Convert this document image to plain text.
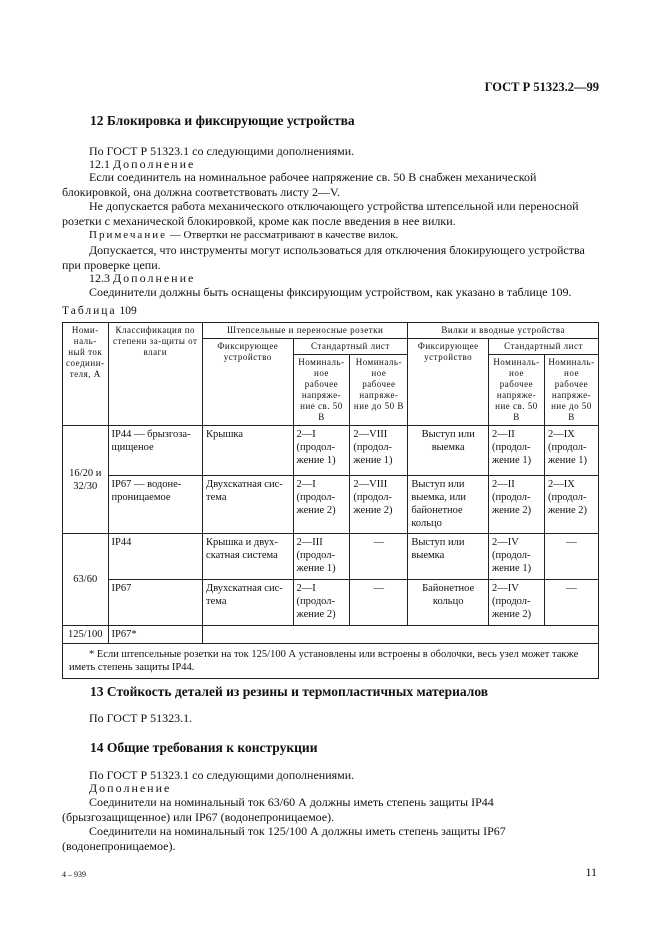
ГОСТ Р 51323.2—99
12 Блокировка и фиксирующие устройства
По ГОСТ Р 51323.1 со следующими дополнениями.
12.1 Дополнение
Если соединитель на номинальное рабочее напряжение св. 50 В снабжен механической блокировкой, она должна соответствовать листу 2—V.
Не допускается работа механического отключающего устройства штепсельной или переносной розетки с механической блокировкой, кроме как после введения в нее вилки.
Примечание — Отвертки не рассматривают в качестве вилок.
Допускается, что инструменты могут использоваться для отключения блокирующего устройства при проверке цепи.
12.3 Дополнение
Соединители должны быть оснащены фиксирующим устройством, как указано в таблице 109.
Таблица 109
Номи-наль-ный ток соедини-теля, А	Классификация по степени за-щиты от влаги	Штепсельные и переносные розетки			Вилки и вводные устройства		
		Фиксирующее устройство	Стандартный лист		Фиксирующее устройство	Стандартный лист	
			Номиналь-ное рабочее напряже-ние св. 50 В	Номиналь-ное рабочее напряже-ние до 50 В		Номиналь-ное рабочее напряже-ние св. 50 В	Номиналь-ное рабочее напряже-ние до 50 В
16/20 и 32/30	IP44 — брызгоза-щищеное	Крышка	2—I (продол-жение 1)	2—VIII (продол-жение 1)	Выступ или выемка	2—II (продол-жение 1)	2—IX (продол-жение 1)
	IP67 — водоне-проницаемое	Двухскатная сис-тема	2—I (продол-жение 2)	2—VIII (продол-жение 2)	Выступ или выемка, или байонетное кольцо	2—II (продол-жение 2)	2—IX (продол-жение 2)
63/60	IP44	Крышка и двух-скатная система	2—III (продол-жение 1)	—	Выступ или выемка	2—IV (продол-жение 1)	—
	IP67	Двухскатная сис-тема	2—I (продол-жение 2)	—	Байонетное кольцо	2—IV (продол-жение 2)	—
125/100	IP67*						
* Если штепсельные розетки на ток 125/100 А установлены или встроены в оболочки, весь узел может также иметь степень защиты IP44.							
13 Стойкость деталей из резины и термопластичных материалов
По ГОСТ Р 51323.1.
14 Общие требования к конструкции
По ГОСТ Р 51323.1 со следующими дополнениями.
Дополнение
Соединители на номинальный ток 63/60 А должны иметь степень защиты IP44 (брызгозащищенное) или IP67 (водонепроницаемое).
Соединители на номинальный ток 125/100 А должны иметь степень защиты IP67 (водонепроницаемое).
4 – 939	11
